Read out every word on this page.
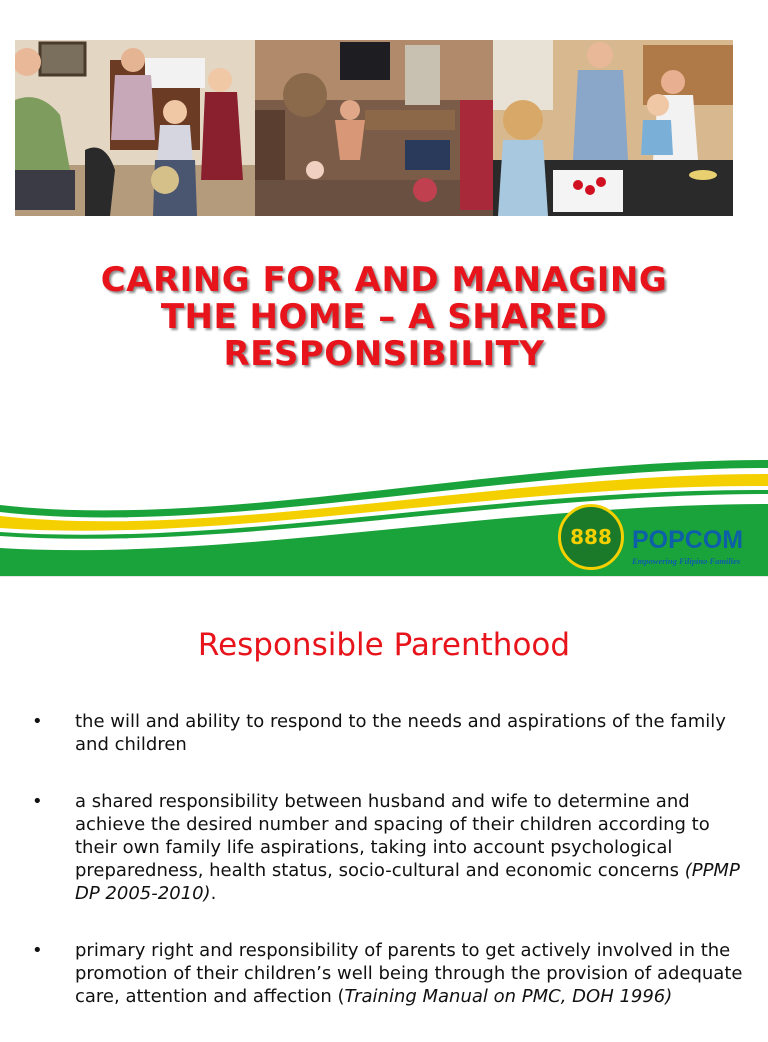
CARING FOR AND MANAGING
THE HOME – A SHARED
RESPONSIBILITY
888 POPCOM
Empowering Filipino Families
Responsible Parenthood
• the will and ability to respond to the needs and aspirations of the family and children
• a shared responsibility between husband and wife to determine and achieve the desired number and spacing of their children according to their own family life aspirations, taking into account psychological preparedness, health status, socio-cultural and economic concerns (PPMP DP 2005-2010).
• primary right and responsibility of parents to get actively involved in the promotion of their children’s well being through the provision of adequate care, attention and affection (Training Manual on PMC, DOH 1996)
